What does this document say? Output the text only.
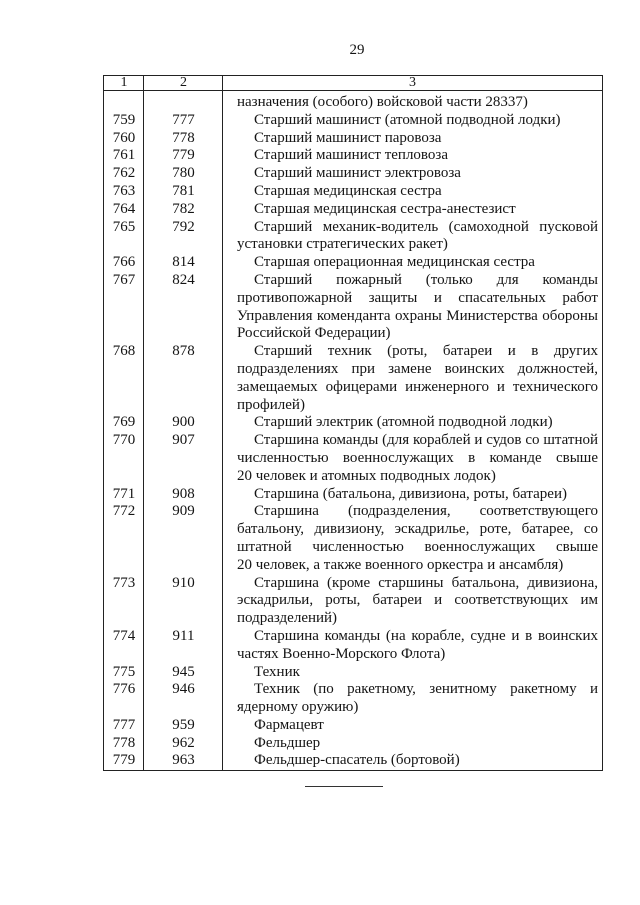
29
1	2	3
назначения (особого) войсковой части 28337)
759	777	Старший машинист (атомной подводной лодки)
760	778	Старший машинист паровоза
761	779	Старший машинист тепловоза
762	780	Старший машинист электровоза
763	781	Старшая медицинская сестра
764	782	Старшая медицинская сестра-анестезист
765	792	Старший механик-водитель (самоходной пусковой
установки стратегических ракет)
766	814	Старшая операционная медицинская сестра
767	824	Старший пожарный (только для команды
противопожарной защиты и спасательных работ
Управления коменданта охраны Министерства обороны
Российской Федерации)
768	878	Старший техник (роты, батареи и в других
подразделениях при замене воинских должностей,
замещаемых офицерами инженерного и технического
профилей)
769	900	Старший электрик (атомной подводной лодки)
770	907	Старшина команды (для кораблей и судов со штатной
численностью военнослужащих в команде свыше
20 человек и атомных подводных лодок)
771	908	Старшина (батальона, дивизиона, роты, батареи)
772	909	Старшина (подразделения, соответствующего
батальону, дивизиону, эскадрилье, роте, батарее, со
штатной численностью военнослужащих свыше
20 человек, а также военного оркестра и ансамбля)
773	910	Старшина (кроме старшины батальона, дивизиона,
эскадрильи, роты, батареи и соответствующих им
подразделений)
774	911	Старшина команды (на корабле, судне и в воинских
частях Военно-Морского Флота)
775	945	Техник
776	946	Техник (по ракетному, зенитному ракетному и
ядерному оружию)
777	959	Фармацевт
778	962	Фельдшер
779	963	Фельдшер-спасатель (бортовой)
